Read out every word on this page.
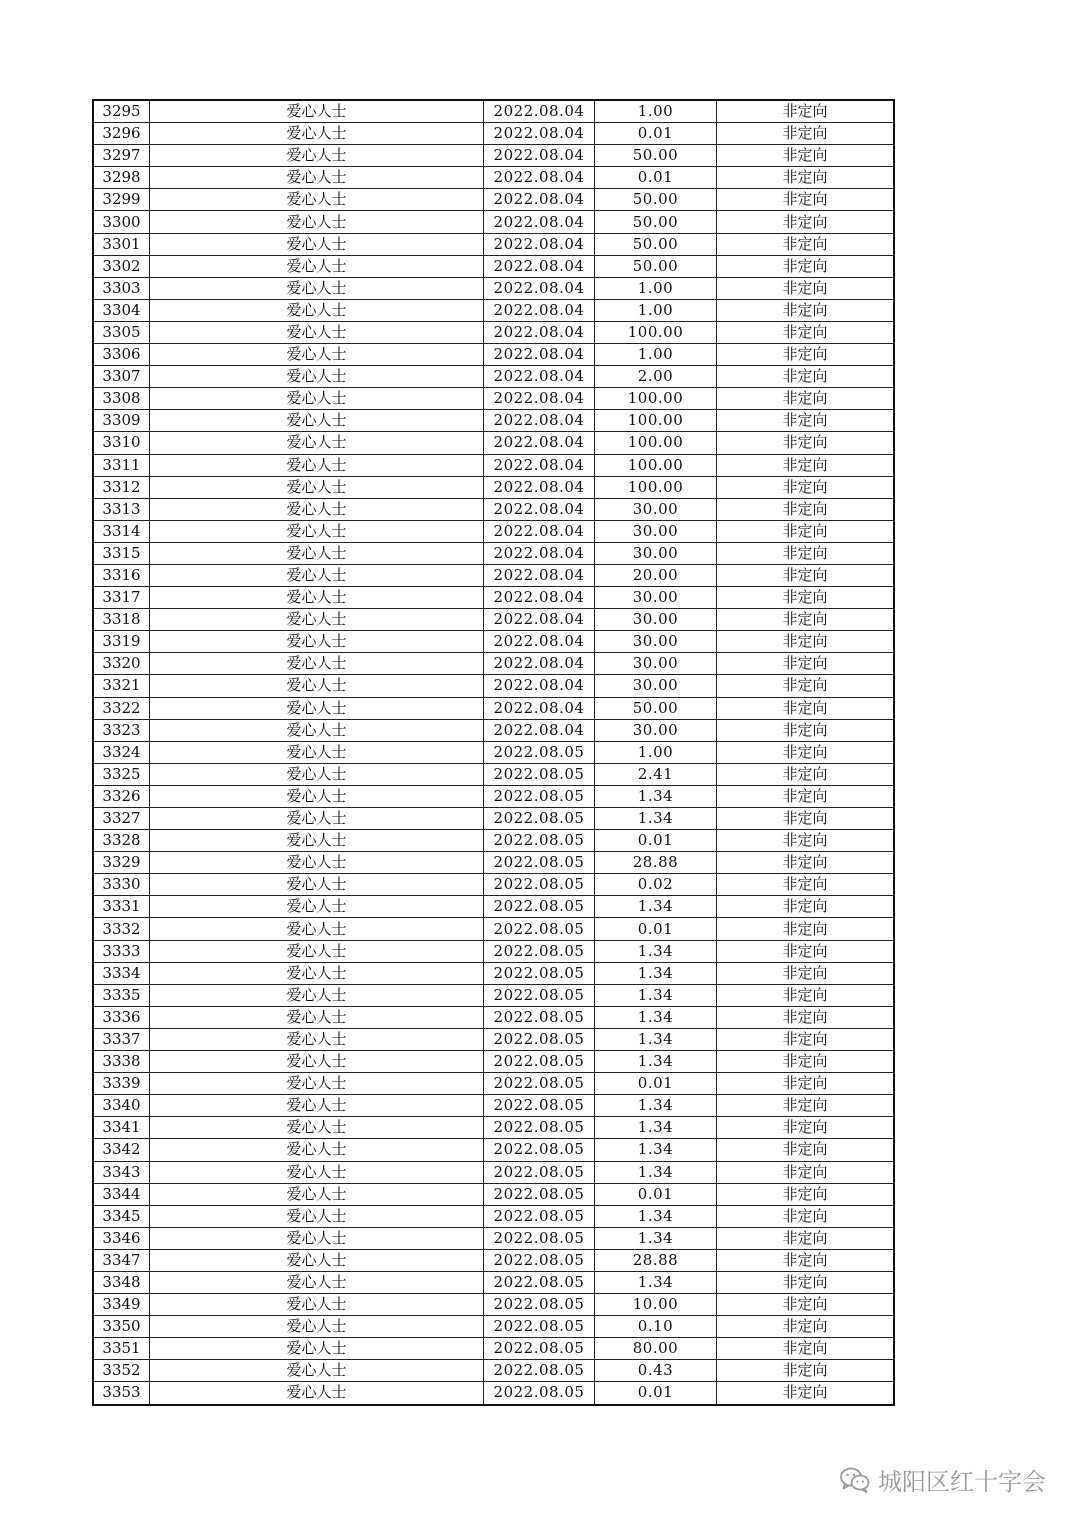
3295	爱心人士	2022.08.04	1.00	非定向
3296	爱心人士	2022.08.04	0.01	非定向
3297	爱心人士	2022.08.04	50.00	非定向
3298	爱心人士	2022.08.04	0.01	非定向
3299	爱心人士	2022.08.04	50.00	非定向
3300	爱心人士	2022.08.04	50.00	非定向
3301	爱心人士	2022.08.04	50.00	非定向
3302	爱心人士	2022.08.04	50.00	非定向
3303	爱心人士	2022.08.04	1.00	非定向
3304	爱心人士	2022.08.04	1.00	非定向
3305	爱心人士	2022.08.04	100.00	非定向
3306	爱心人士	2022.08.04	1.00	非定向
3307	爱心人士	2022.08.04	2.00	非定向
3308	爱心人士	2022.08.04	100.00	非定向
3309	爱心人士	2022.08.04	100.00	非定向
3310	爱心人士	2022.08.04	100.00	非定向
3311	爱心人士	2022.08.04	100.00	非定向
3312	爱心人士	2022.08.04	100.00	非定向
3313	爱心人士	2022.08.04	30.00	非定向
3314	爱心人士	2022.08.04	30.00	非定向
3315	爱心人士	2022.08.04	30.00	非定向
3316	爱心人士	2022.08.04	20.00	非定向
3317	爱心人士	2022.08.04	30.00	非定向
3318	爱心人士	2022.08.04	30.00	非定向
3319	爱心人士	2022.08.04	30.00	非定向
3320	爱心人士	2022.08.04	30.00	非定向
3321	爱心人士	2022.08.04	30.00	非定向
3322	爱心人士	2022.08.04	50.00	非定向
3323	爱心人士	2022.08.04	30.00	非定向
3324	爱心人士	2022.08.05	1.00	非定向
3325	爱心人士	2022.08.05	2.41	非定向
3326	爱心人士	2022.08.05	1.34	非定向
3327	爱心人士	2022.08.05	1.34	非定向
3328	爱心人士	2022.08.05	0.01	非定向
3329	爱心人士	2022.08.05	28.88	非定向
3330	爱心人士	2022.08.05	0.02	非定向
3331	爱心人士	2022.08.05	1.34	非定向
3332	爱心人士	2022.08.05	0.01	非定向
3333	爱心人士	2022.08.05	1.34	非定向
3334	爱心人士	2022.08.05	1.34	非定向
3335	爱心人士	2022.08.05	1.34	非定向
3336	爱心人士	2022.08.05	1.34	非定向
3337	爱心人士	2022.08.05	1.34	非定向
3338	爱心人士	2022.08.05	1.34	非定向
3339	爱心人士	2022.08.05	0.01	非定向
3340	爱心人士	2022.08.05	1.34	非定向
3341	爱心人士	2022.08.05	1.34	非定向
3342	爱心人士	2022.08.05	1.34	非定向
3343	爱心人士	2022.08.05	1.34	非定向
3344	爱心人士	2022.08.05	0.01	非定向
3345	爱心人士	2022.08.05	1.34	非定向
3346	爱心人士	2022.08.05	1.34	非定向
3347	爱心人士	2022.08.05	28.88	非定向
3348	爱心人士	2022.08.05	1.34	非定向
3349	爱心人士	2022.08.05	10.00	非定向
3350	爱心人士	2022.08.05	0.10	非定向
3351	爱心人士	2022.08.05	80.00	非定向
3352	爱心人士	2022.08.05	0.43	非定向
3353	爱心人士	2022.08.05	0.01	非定向
城阳区红十字会
